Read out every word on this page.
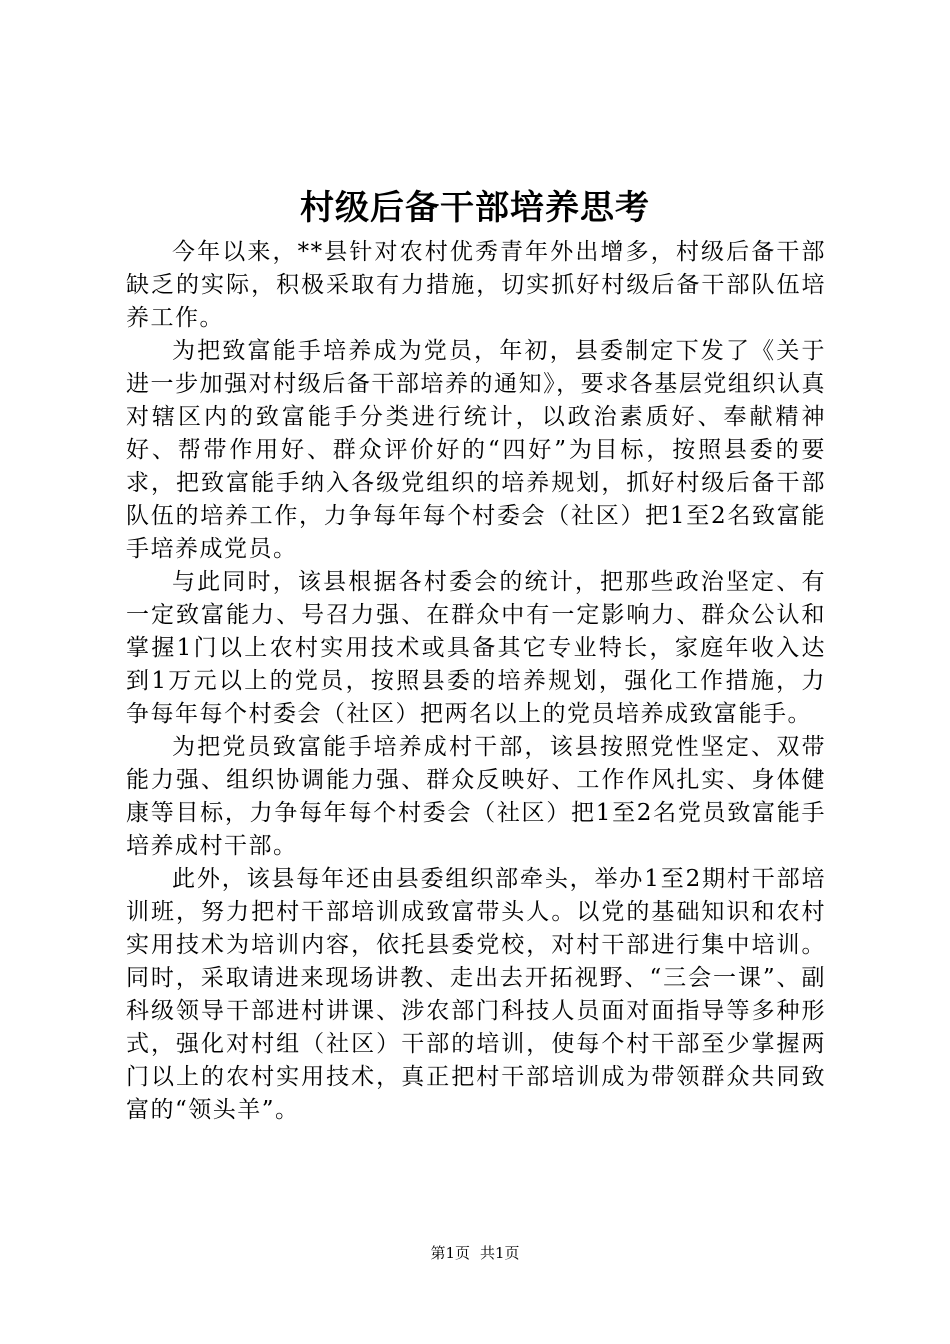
村级后备干部培养思考

今年以来，**县针对农村优秀青年外出增多，村级后备干部缺乏的实际，积极采取有力措施，切实抓好村级后备干部队伍培养工作。

为把致富能手培养成为党员，年初，县委制定下发了《关于进一步加强对村级后备干部培养的通知》，要求各基层党组织认真对辖区内的致富能手分类进行统计，以政治素质好、奉献精神好、帮带作用好、群众评价好的“四好”为目标，按照县委的要求，把致富能手纳入各级党组织的培养规划，抓好村级后备干部队伍的培养工作，力争每年每个村委会（社区）把1至2名致富能手培养成党员。

与此同时，该县根据各村委会的统计，把那些政治坚定、有一定致富能力、号召力强、在群众中有一定影响力、群众公认和掌握1门以上农村实用技术或具备其它专业特长，家庭年收入达到1万元以上的党员，按照县委的培养规划，强化工作措施，力争每年每个村委会（社区）把两名以上的党员培养成致富能手。

为把党员致富能手培养成村干部，该县按照党性坚定、双带能力强、组织协调能力强、群众反映好、工作作风扎实、身体健康等目标，力争每年每个村委会（社区）把1至2名党员致富能手培养成村干部。

此外，该县每年还由县委组织部牵头，举办1至2期村干部培训班，努力把村干部培训成致富带头人。以党的基础知识和农村实用技术为培训内容，依托县委党校，对村干部进行集中培训。同时，采取请进来现场讲教、走出去开拓视野、“三会一课”、副科级领导干部进村讲课、涉农部门科技人员面对面指导等多种形式，强化对村组（社区）干部的培训，使每个村干部至少掌握两门以上的农村实用技术，真正把村干部培训成为带领群众共同致富的“领头羊”。

第1页 共1页
